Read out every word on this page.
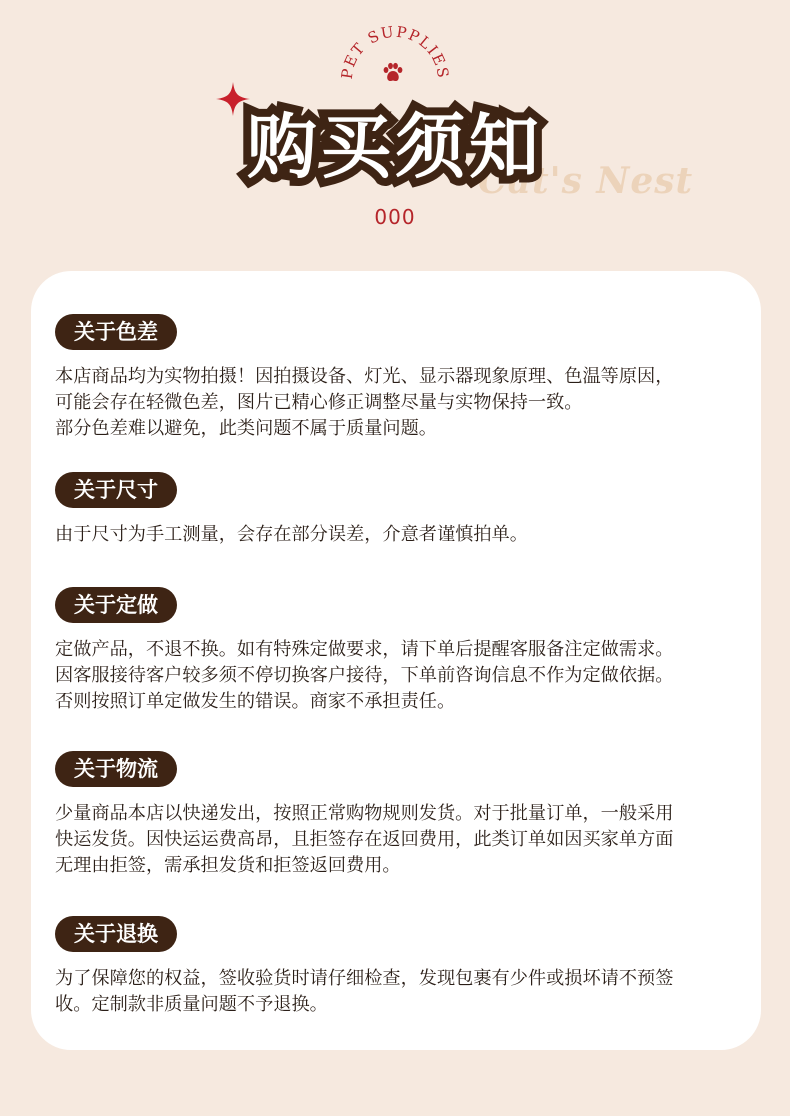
PET SUPPLIES
Cat's Nest
购买须知
000
关于色差
本店商品均为实物拍摄！因拍摄设备、灯光、显示器现象原理、色温等原因，
可能会存在轻微色差，图片已精心修正调整尽量与实物保持一致。
部分色差难以避免，此类问题不属于质量问题。
关于尺寸
由于尺寸为手工测量，会存在部分误差，介意者谨慎拍单。
关于定做
定做产品，不退不换。如有特殊定做要求，请下单后提醒客服备注定做需求。
因客服接待客户较多须不停切换客户接待，下单前咨询信息不作为定做依据。
否则按照订单定做发生的错误。商家不承担责任。
关于物流
少量商品本店以快递发出，按照正常购物规则发货。对于批量订单，一般采用
快运发货。因快运运费高昂，且拒签存在返回费用，此类订单如因买家单方面
无理由拒签，需承担发货和拒签返回费用。
关于退换
为了保障您的权益，签收验货时请仔细检查，发现包裹有少件或损坏请不预签
收。定制款非质量问题不予退换。
